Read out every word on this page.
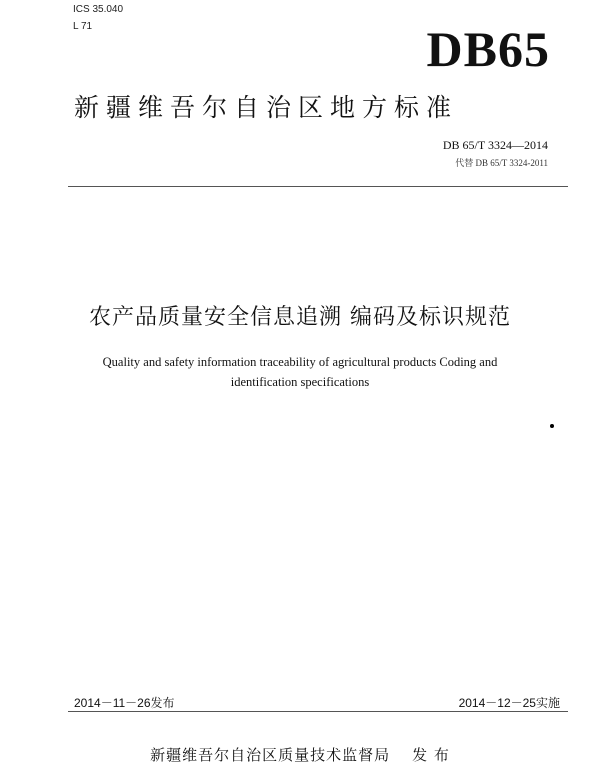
ICS 35.040
L 71	DB65
新疆维吾尔自治区地方标准
DB 65/T 3324—2014
代替 DB 65/T 3324-2011
农产品质量安全信息追溯 编码及标识规范
Quality and safety information traceability of agricultural products Coding and
identification specifications
2014－11－26发布	2014－12－25实施
新疆维吾尔自治区质量技术监督局 发 布
